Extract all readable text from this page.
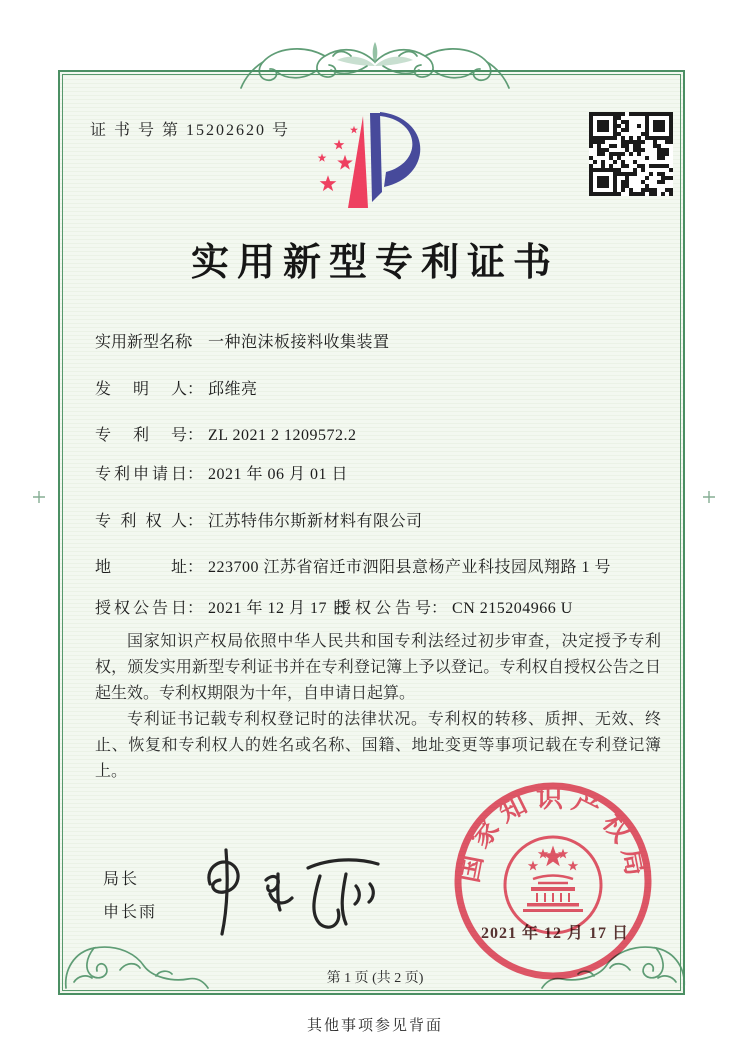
证 书 号 第 15202620 号
实用新型专利证书
实用新型名称： 一种泡沫板接料收集装置
发明人： 邱维亮
专利号： ZL 2021 2 1209572.2
专利申请日： 2021 年 06 月 01 日
专利权人： 江苏特伟尔斯新材料有限公司
地址： 223700 江苏省宿迁市泗阳县意杨产业科技园凤翔路 1 号
授权公告日： 2021 年 12 月 17 日
授权公告号： CN 215204966 U

国家知识产权局依照中华人民共和国专利法经过初步审查，决定授予专利权，颁发实用新型专利证书并在专利登记簿上予以登记。专利权自授权公告之日起生效。专利权期限为十年，自申请日起算。

专利证书记载专利权登记时的法律状况。专利权的转移、质押、无效、终止、恢复和专利权人的姓名或名称、国籍、地址变更等事项记载在专利登记簿上。

局长
申长雨
国家知识产权局
2021 年 12 月 17 日
第 1 页 (共 2 页)
其他事项参见背面
